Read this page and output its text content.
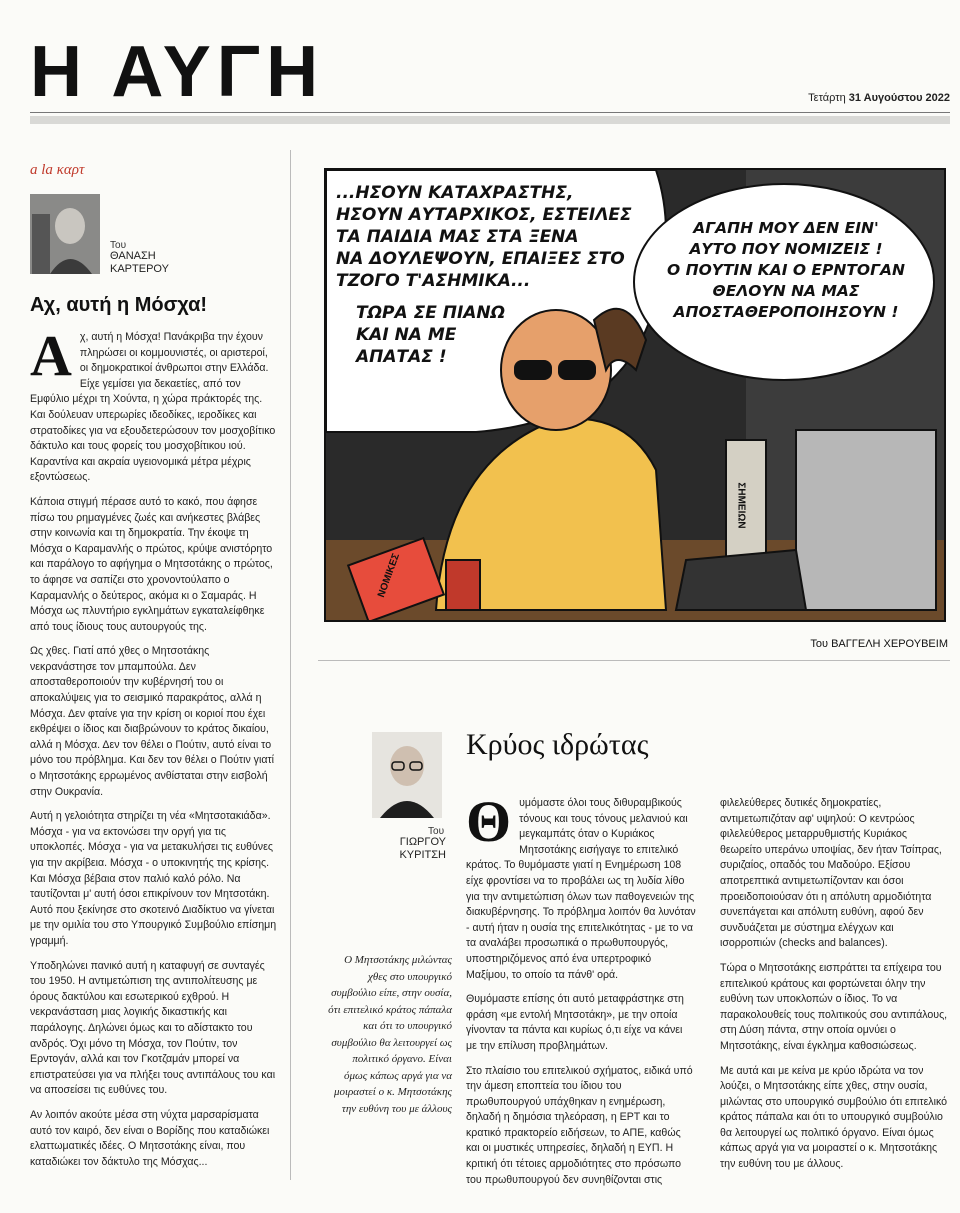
Η ΑΥΓΗ	Τετάρτη 31 Αυγούστου 2022
a la καρτ
Του
ΘΑΝΑΣΗ
ΚΑΡΤΕΡΟΥ
Αχ, αυτή η Μόσχα!

Αχ, αυτή η Μόσχα! Πανάκριβα την έχουν πληρώσει οι κομμουνιστές, οι αριστεροί, οι δημοκρατικοί άνθρωποι στην Ελλάδα. Είχε γεμίσει για δεκαετίες, από τον Εμφύλιο μέχρι τη Χούντα, η χώρα πράκτορές της. Και δούλευαν υπερωρίες ιδεοδίκες, ιεροδίκες και στρατοδίκες για να εξουδετερώσουν τον μοσχοβίτικο δάκτυλο και τους φορείς του μοσχοβίτικου ιού. Καραντίνα και ακραία υγειονομικά μέτρα μέχρις εξοντώσεως.

Κάποια στιγμή πέρασε αυτό το κακό, που άφησε πίσω του ρημαγμένες ζωές και ανήκεστες βλάβες στην κοινωνία και τη δημοκρατία. Την έκοψε τη Μόσχα ο Καραμανλής ο πρώτος, κρύψε ανιστόρητο και παράλογο το αφήγημα ο Μητσοτάκης ο πρώτος, το άφησε να σαπίζει στο χρονοντούλαπο ο Καραμανλής ο δεύτερος, ακόμα κι ο Σαμαράς. Η Μόσχα ως πλυντήριο εγκλημάτων εγκαταλείφθηκε από τους ίδιους τους αυτουργούς της.

Ως χθες. Γιατί από χθες ο Μητσοτάκης νεκρανάστησε τον μπαμπούλα. Δεν αποσταθεροποιούν την κυβέρνησή του οι αποκαλύψεις για το σεισμικό παρακράτος, αλλά η Μόσχα. Δεν φταίνε για την κρίση οι κοριοί που έχει εκθρέψει ο ίδιος και διαβρώνουν το κράτος δικαίου, αλλά η Μόσχα. Δεν τον θέλει ο Πούτιν, αυτό είναι το μόνο του πρόβλημα. Και δεν τον θέλει ο Πούτιν γιατί ο Μητσοτάκης ερρωμένος ανθίσταται στην εισβολή στην Ουκρανία.

Αυτή η γελοιότητα στηρίζει τη νέα «Μητσοτακιάδα». Μόσχα - για να εκτονώσει την οργή για τις υποκλοπές. Μόσχα - για να μετακυλήσει τις ευθύνες για την ακρίβεια. Μόσχα - ο υποκινητής της κρίσης. Και Μόσχα βέβαια στον παλιό καλό ρόλο. Να ταυτίζονται μ' αυτή όσοι επικρίνουν τον Μητσοτάκη. Αυτό που ξεκίνησε στο σκοτεινό Διαδίκτυο να γίνεται με την ομιλία του στο Υπουργικό Συμβούλιο επίσημη γραμμή.

Υποδηλώνει πανικό αυτή η καταφυγή σε συνταγές του 1950. Η αντιμετώπιση της αντιπολίτευσης με όρους δακτύλου και εσωτερικού εχθρού. Η νεκρανάσταση μιας λογικής δικαστικής και παράλογης. Δηλώνει όμως και το αδίστακτο του ανδρός. Όχι μόνο τη Μόσχα, τον Πούτιν, τον Ερντογάν, αλλά και τον Γκοτζαμάν μπορεί να επιστρατεύσει για να πλήξει τους αντιπάλους του και να αποσείσει τις ευθύνες του.

Αν λοιπόν ακούτε μέσα στη νύχτα μαρσαρίσματα αυτό τον καιρό, δεν είναι ο Βορίδης που καταδιώκει ελαττωματικές ιδέες. Ο Μητσοτάκης είναι, που καταδιώκει τον δάκτυλο της Μόσχας...

...ΗΣΟΥΝ ΚΑΤΑΧΡΑΣΤΗΣ,
ΗΣΟΥΝ ΑΥΤΑΡΧΙΚΟΣ, ΕΣΤΕΙΛΕΣ
ΤΑ ΠΑΙΔΙΑ ΜΑΣ ΣΤΑ ΞΕΝΑ
ΝΑ ΔΟΥΛΕΨΟΥΝ, ΕΠΑΙΞΕΣ ΣΤΟ
ΤΖΟΓΟ Τ'ΑΣΗΜΙΚΑ...
ΤΩΡΑ ΣΕ ΠΙΑΝΩ
ΚΑΙ ΝΑ ΜΕ
ΑΠΑΤΑΣ !
ΑΓΑΠΗ ΜΟΥ ΔΕΝ ΕΙΝ'
ΑΥΤΟ ΠΟΥ ΝΟΜΙΖΕΙΣ !
Ο ΠΟΥΤΙΝ ΚΑΙ Ο ΕΡΝΤΟΓΑΝ
ΘΕΛΟΥΝ ΝΑ ΜΑΣ
ΑΠΟΣΤΑΘΕΡΟΠΟΙΗΣΟΥΝ !
ΝΟΜΙΚΕΣ
ΣΗΜΕΙΩΝ
Του ΒΑΓΓΕΛΗ ΧΕΡΟΥΒΕΙΜ
Του
ΓΙΩΡΓΟΥ
ΚΥΡΙΤΣΗ
Κρύος ιδρώτας
Ο Μητσοτάκης μιλώντας χθες στο υπουργικό συμβούλιο είπε, στην ουσία, ότι επιτελικό κράτος πάπαλα και ότι το υπουργικό συμβούλιο θα λειτουργεί ως πολιτικό όργανο. Είναι όμως κάπως αργά για να μοιραστεί ο κ. Μητσοτάκης την ευθύνη του με άλλους

Θυμόμαστε όλοι τους διθυραμβικούς τόνους και τους τόνους μελανιού και μεγκαμπάτς όταν ο Κυριάκος Μητσοτάκης εισήγαγε το επιτελικό κράτος. Το θυμόμαστε γιατί η Ενημέρωση 108 είχε φροντίσει να το προβάλει ως τη λυδία λίθο για την αντιμετώπιση όλων των παθογενειών της διακυβέρνησης. Το πρόβλημα λοιπόν θα λυνόταν - αυτή ήταν η ουσία της επιτελικότητας - με το να τα αναλάβει προσωπικά ο πρωθυπουργός, υποστηριζόμενος από ένα υπερτροφικό Μαξίμου, το οποίο τα πάνθ' ορά.

Θυμόμαστε επίσης ότι αυτό μεταφράστηκε στη φράση «με εντολή Μητσοτάκη», με την οποία γίνονταν τα πάντα και κυρίως ό,τι είχε να κάνει με την επίλυση προβλημάτων.

Στο πλαίσιο του επιτελικού σχήματος, ειδικά υπό την άμεση εποπτεία του ίδιου του πρωθυπουργού υπάχθηκαν η ενημέρωση, δηλαδή η δημόσια τηλεόραση, η ΕΡΤ και το κρατικό πρακτορείο ειδήσεων, το ΑΠΕ, καθώς και οι μυστικές υπηρεσίες, δηλαδή η ΕΥΠ. Η κριτική ότι τέτοιες αρμοδιότητες στο πρόσωπο του πρωθυπουργού δεν συνηθίζονται στις

φιλελεύθερες δυτικές δημοκρατίες, αντιμετωπιζόταν αφ' υψηλού: Ο κεντρώος φιλελεύθερος μεταρρυθμιστής Κυριάκος θεωρείτο υπεράνω υποψίας, δεν ήταν Τσίπρας, συριζαίος, οπαδός του Μαδούρο. Εξίσου αποτρεπτικά αντιμετωπίζονταν και όσοι προειδοποιούσαν ότι η απόλυτη αρμοδιότητα συνεπάγεται και απόλυτη ευθύνη, αφού δεν συνδυάζεται με σύστημα ελέγχων και ισορροπιών (checks and balances).

Τώρα ο Μητσοτάκης εισπράττει τα επίχειρα του επιτελικού κράτους και φορτώνεται όλην την ευθύνη των υποκλοπών ο ίδιος. Το να παρακολουθείς τους πολιτικούς σου αντιπάλους, στη Δύση πάντα, στην οποία ομνύει ο Μητσοτάκης, είναι έγκλημα καθοσιώσεως.

Με αυτά και με κείνα με κρύο ιδρώτα να τον λούζει, ο Μητσοτάκης είπε χθες, στην ουσία, μιλώντας στο υπουργικό συμβούλιο ότι επιτελικό κράτος πάπαλα και ότι το υπουργικό συμβούλιο θα λειτουργεί ως πολιτικό όργανο. Είναι όμως κάπως αργά για να μοιραστεί ο κ. Μητσοτάκης την ευθύνη του με άλλους.
